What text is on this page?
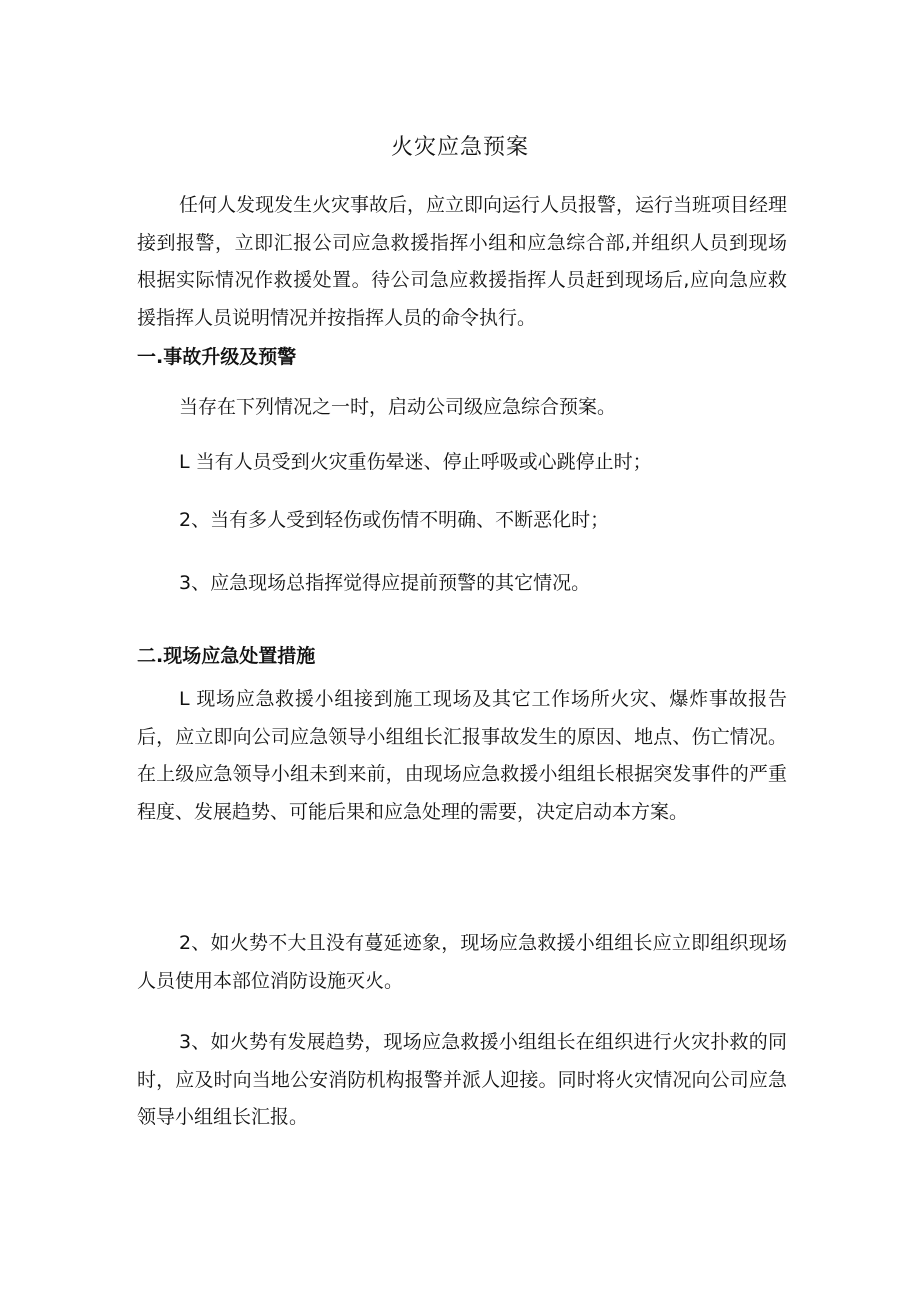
火灾应急预案

任何人发现发生火灾事故后，应立即向运行人员报警，运行当班项目经理接到报警，立即汇报公司应急救援指挥小组和应急综合部,并组织人员到现场根据实际情况作救援处置。待公司急应救援指挥人员赶到现场后,应向急应救援指挥人员说明情况并按指挥人员的命令执行。

一.事故升级及预警
当存在下列情况之一时，启动公司级应急综合预案。
L 当有人员受到火灾重伤晕迷、停止呼吸或心跳停止时；
2、当有多人受到轻伤或伤情不明确、不断恶化时；
3、应急现场总指挥觉得应提前预警的其它情况。
二.现场应急处置措施

L 现场应急救援小组接到施工现场及其它工作场所火灾、爆炸事故报告后，应立即向公司应急领导小组组长汇报事故发生的原因、地点、伤亡情况。在上级应急领导小组未到来前，由现场应急救援小组组长根据突发事件的严重程度、发展趋势、可能后果和应急处理的需要，决定启动本方案。

2、如火势不大且没有蔓延迹象，现场应急救援小组组长应立即组织现场人员使用本部位消防设施灭火。

3、如火势有发展趋势，现场应急救援小组组长在组织进行火灾扑救的同时，应及时向当地公安消防机构报警并派人迎接。同时将火灾情况向公司应急领导小组组长汇报。
